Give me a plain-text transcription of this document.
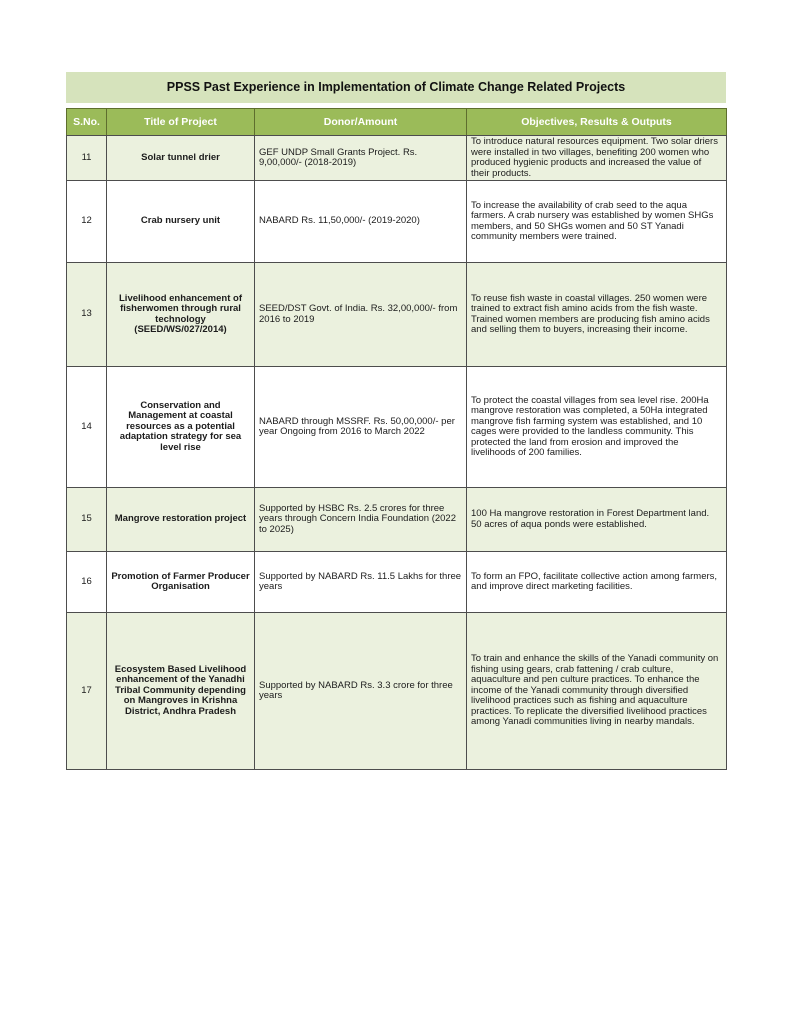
PPSS Past Experience in Implementation of Climate Change Related Projects
S.No.	Title of Project	Donor/Amount	Objectives, Results & Outputs
11	Solar tunnel drier	GEF UNDP Small Grants Project. Rs. 9,00,000/- (2018-2019)	To introduce natural resources equipment. Two solar driers were installed in two villages, benefiting 200 women who produced hygienic products and increased the value of their products.
12	Crab nursery unit	NABARD Rs. 11,50,000/- (2019-2020)	To increase the availability of crab seed to the aqua farmers. A crab nursery was established by women SHGs members, and 50 SHGs women and 50 ST Yanadi community members were trained.
13	Livelihood enhancement of fisherwomen through rural technology (SEED/WS/027/2014)	SEED/DST Govt. of India. Rs. 32,00,000/- from 2016 to 2019	To reuse fish waste in coastal villages. 250 women were trained to extract fish amino acids from the fish waste. Trained women members are producing fish amino acids and selling them to buyers, increasing their income.
14	Conservation and Management at coastal resources as a potential adaptation strategy for sea level rise	NABARD through MSSRF. Rs. 50,00,000/- per year Ongoing from 2016 to March 2022	To protect the coastal villages from sea level rise. 200Ha mangrove restoration was completed, a 50Ha integrated mangrove fish farming system was established, and 10 cages were provided to the landless community. This protected the land from erosion and improved the livelihoods of 200 families.
15	Mangrove restoration project	Supported by HSBC Rs. 2.5 crores for three years through Concern India Foundation (2022 to 2025)	100 Ha mangrove restoration in Forest Department land. 50 acres of aqua ponds were established.
16	Promotion of Farmer Producer Organisation	Supported by NABARD Rs. 11.5 Lakhs for three years	To form an FPO, facilitate collective action among farmers, and improve direct marketing facilities.
17	Ecosystem Based Livelihood enhancement of the Yanadhi Tribal Community depending on Mangroves in Krishna District, Andhra Pradesh	Supported by NABARD Rs. 3.3 crore for three years	To train and enhance the skills of the Yanadi community on fishing using gears, crab fattening / crab culture, aquaculture and pen culture practices. To enhance the income of the Yanadi community through diversified livelihood practices such as fishing and aquaculture practices. To replicate the diversified livelihood practices among Yanadi communities living in nearby mandals.
